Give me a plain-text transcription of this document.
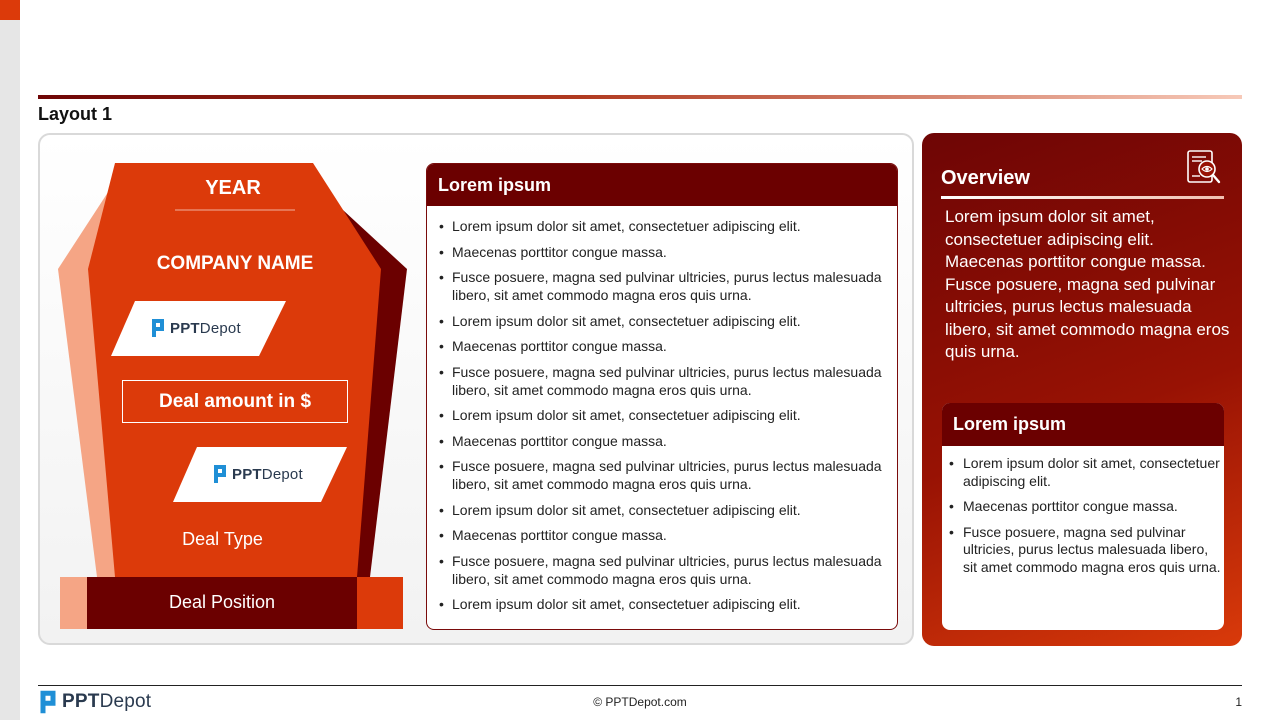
Layout 1
YEAR
COMPANY NAME
PPTDepot
Deal amount in $
PPTDepot
Deal Type
Deal Position
Lorem ipsum
• Lorem ipsum dolor sit amet, consectetuer adipiscing elit.
• Maecenas porttitor congue massa.
• Fusce posuere, magna sed pulvinar ultricies, purus lectus malesuada libero, sit amet commodo magna eros quis urna.
• Lorem ipsum dolor sit amet, consectetuer adipiscing elit.
• Maecenas porttitor congue massa.
• Fusce posuere, magna sed pulvinar ultricies, purus lectus malesuada libero, sit amet commodo magna eros quis urna.
• Lorem ipsum dolor sit amet, consectetuer adipiscing elit.
• Maecenas porttitor congue massa.
• Fusce posuere, magna sed pulvinar ultricies, purus lectus malesuada libero, sit amet commodo magna eros quis urna.
• Lorem ipsum dolor sit amet, consectetuer adipiscing elit.
• Maecenas porttitor congue massa.
• Fusce posuere, magna sed pulvinar ultricies, purus lectus malesuada libero, sit amet commodo magna eros quis urna.
• Lorem ipsum dolor sit amet, consectetuer adipiscing elit.
Overview
Lorem ipsum dolor sit amet, consectetuer adipiscing elit. Maecenas porttitor congue massa. Fusce posuere, magna sed pulvinar ultricies, purus lectus malesuada libero, sit amet commodo magna eros quis urna.
Lorem ipsum
• Lorem ipsum dolor sit amet, consectetuer adipiscing elit.
• Maecenas porttitor congue massa.
• Fusce posuere, magna sed pulvinar ultricies, purus lectus malesuada libero, sit amet commodo magna eros quis urna.
PPTDepot	© PPTDepot.com	1
